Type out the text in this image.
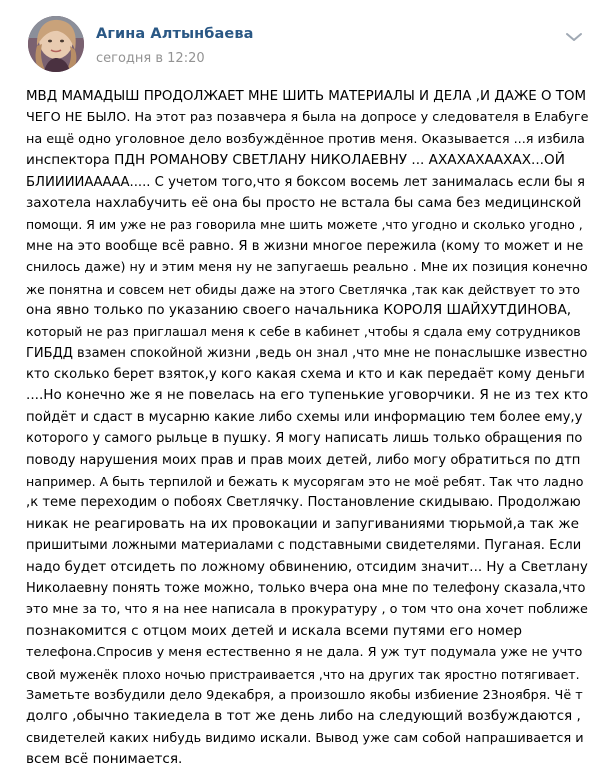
Агина Алтынбаева
сегодня в 12:20
МВД МАМАДЫШ ПРОДОЛЖАЕТ МНЕ ШИТЬ МАТЕРИАЛЫ И ДЕЛА ,И ДАЖЕ О ТОМ
ЧЕГО НЕ БЫЛО. На этот раз позавчера я была на допросе у следователя в Елабуге
на ещё одно уголовное дело возбуждённое против меня. Оказывается ...я избила
инспектора ПДН РОМАНОВУ СВЕТЛАНУ НИКОЛАЕВНУ ... АХАХАХААХАХ...ОЙ
БЛИИИИААААА..... С учетом того,что я боксом восемь лет занималась если бы я
захотела нахлабучить её она бы просто не встала бы сама без медицинской
помощи. Я им уже не раз говорила мне шить можете ,что угодно и сколько угодно ,
мне на это вообще всё равно. Я в жизни многое пережила (кому то может и не
снилось даже) ну и этим меня ну не запугаешь реально . Мне их позиция конечно
же понятна и совсем нет обиды даже на этого Светлячка ,так как действует то это
она явно только по указанию своего начальника КОРОЛЯ ШАЙХУТДИНОВА,
который не раз приглашал меня к себе в кабинет ,чтобы я сдала ему сотрудников
ГИБДД взамен спокойной жизни ,ведь он знал ,что мне не понаслышке известно
кто сколько берет взяток,у кого какая схема и кто и как передаёт кому деньги
....Но конечно же я не повелась на его тупенькие уговорчики. Я не из тех кто
пойдёт и сдаст в мусарню какие либо схемы или информацию тем более ему,у
которого у самого рыльце в пушку. Я могу написать лишь только обращения по
поводу нарушения моих прав и прав моих детей, либо могу обратиться по дтп
например. А быть терпилой и бежать к мусорягам это не моё ребят. Так что ладно
,к теме переходим о побоях Светлячку. Постановление скидываю. Продолжаю
никак не реагировать на их провокации и запугиваниями тюрьмой,а так же
пришитыми ложными материалами с подставными свидетелями. Пуганая. Если
надо будет отсидеть по ложному обвинению, отсидим значит... Ну а Светлану
Николаевну понять тоже можно, только вчера она мне по телефону сказала,что
это мне за то, что я на нее написала в прокуратуру , о том что она хочет поближе
познакомится с отцом моих детей и искала всеми путями его номер
телефона.Спросив у меня естественно я не дала. Я уж тут подумала уже не учто
свой муженёк плохо ночью пристраивается ,что на других так яростно потягивает.
Заметьте возбудили дело 9декабря, а произошло якобы избиение 23ноября. Чё т
долго ,обычно такиедела в тот же день либо на следующий возбуждаются ,
свидетелей каких нибудь видимо искали. Вывод уже сам собой напрашивается и
всем всё понимается.
